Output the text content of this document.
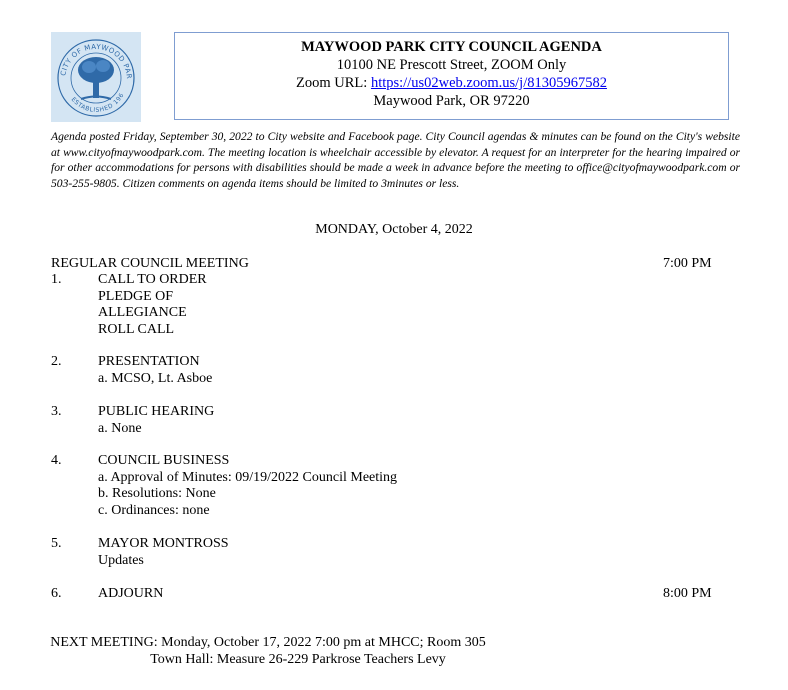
CITY OF MAYWOOD PAR
ESTABLISHED 196
MAYWOOD PARK CITY COUNCIL AGENDA
10100 NE Prescott Street, ZOOM Only
Zoom URL: https://us02web.zoom.us/j/81305967582
Maywood Park, OR 97220
Agenda posted Friday, September 30, 2022 to City website and Facebook page. City Council agendas & minutes can be found on the City's website at www.cityofmaywoodpark.com. The meeting location is wheelchair accessible by elevator. A request for an interpreter for the hearing impaired or for other accommodations for persons with disabilities should be made a week in advance before the meeting to office@cityofmaywoodpark.com or 503-255-9805. Citizen comments on agenda items should be limited to 3minutes or less.
MONDAY, October 4, 2022
REGULAR COUNCIL MEETING	7:00 PM
1.	CALL TO ORDER
PLEDGE OF
ALLEGIANCE
ROLL CALL
2.	PRESENTATION
a. MCSO, Lt. Asboe
3.	PUBLIC HEARING
a. None
4.	COUNCIL BUSINESS
a. Approval of Minutes: 09/19/2022 Council Meeting
b. Resolutions: None
c. Ordinances: none
5.	MAYOR MONTROSS
Updates
6.	ADJOURN	8:00 PM
NEXT MEETING: Monday, October 17, 2022 7:00 pm at MHCC; Room 305
Town Hall: Measure 26-229 Parkrose Teachers Levy
